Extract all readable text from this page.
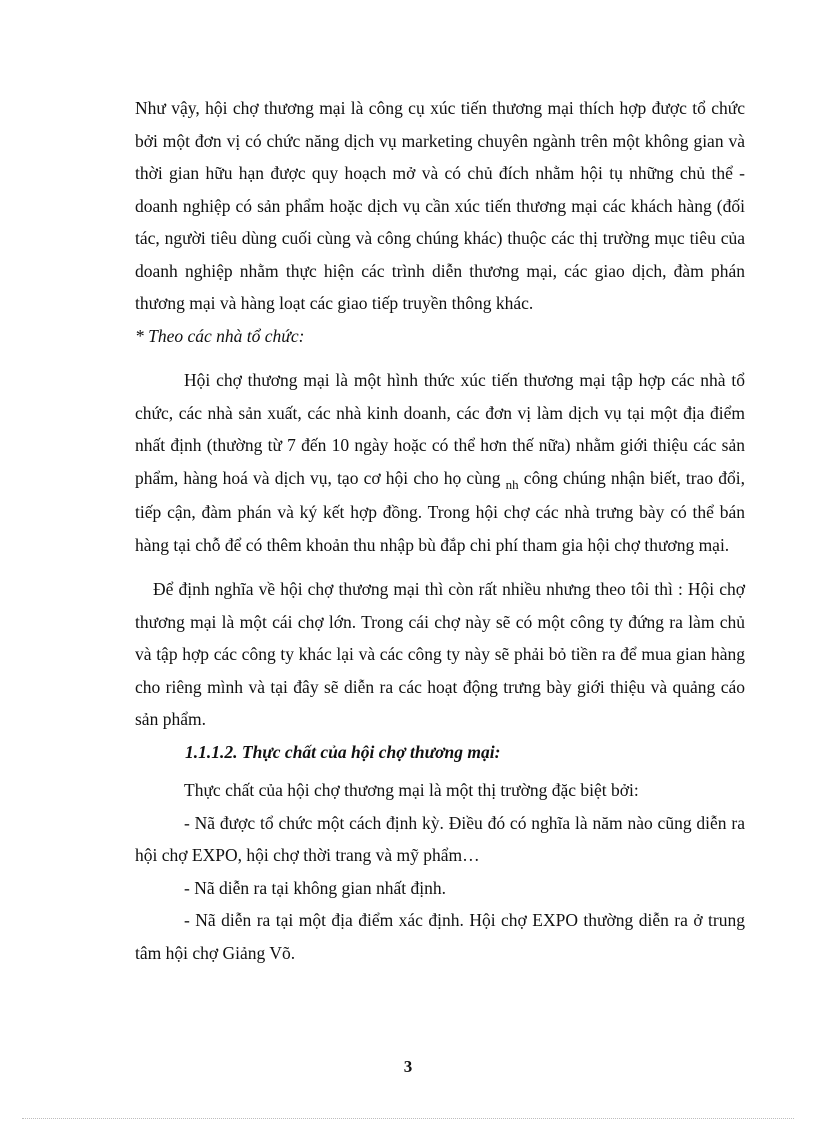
Như vậy, hội chợ thương mại là công cụ xúc tiến thương mại thích hợp được tổ chức bởi một đơn vị có chức năng dịch vụ marketing chuyên ngành trên một không gian và thời gian hữu hạn được quy hoạch mở và có chủ đích nhằm hội tụ những chủ thể - doanh nghiệp có sản phẩm hoặc dịch vụ cần xúc tiến thương mại các khách hàng (đối tác, người tiêu dùng cuối cùng và công chúng khác) thuộc các thị trường mục tiêu của doanh nghiệp nhằm thực hiện các trình diễn thương mại, các giao dịch, đàm phán thương mại và hàng loạt các giao tiếp truyền thông khác.

* Theo các nhà tổ chức:

Hội chợ thương mại là một hình thức xúc tiến thương mại tập hợp các nhà tổ chức, các nhà sản xuất, các nhà kinh doanh, các đơn vị làm dịch vụ tại một địa điểm nhất định (thường từ 7 đến 10 ngày hoặc có thể hơn thế nữa) nhằm giới thiệu các sản phẩm, hàng hoá và dịch vụ, tạo cơ hội cho họ cùng $_{nh}$ công chúng nhận biết, trao đổi, tiếp cận, đàm phán và ký kết hợp đồng. Trong hội chợ các nhà trưng bày có thể bán hàng tại chỗ để có thêm khoản thu nhập bù đắp chi phí tham gia hội chợ thương mại.

Để định nghĩa về hội chợ thương mại thì còn rất nhiều nhưng theo tôi thì : Hội chợ thương mại là một cái chợ lớn. Trong cái chợ này sẽ có một công ty đứng ra làm chủ và tập hợp các công ty khác lại và các công ty này sẽ phải bỏ tiền ra để mua gian hàng cho riêng mình và tại đây sẽ diễn ra các hoạt động trưng bày giới thiệu và quảng cáo sản phẩm.

1.1.1.2. Thực chất của hội chợ thương mại:

Thực chất của hội chợ thương mại là một thị trường đặc biệt bởi:

- Nã được tổ chức một cách định kỳ. Điều đó có nghĩa là năm nào cũng diễn ra hội chợ EXPO, hội chợ thời trang và mỹ phẩm…

- Nã diễn ra tại không gian nhất định.

- Nã diễn ra tại một địa điểm xác định. Hội chợ EXPO thường diễn ra ở trung tâm hội chợ Giảng Võ.

3
